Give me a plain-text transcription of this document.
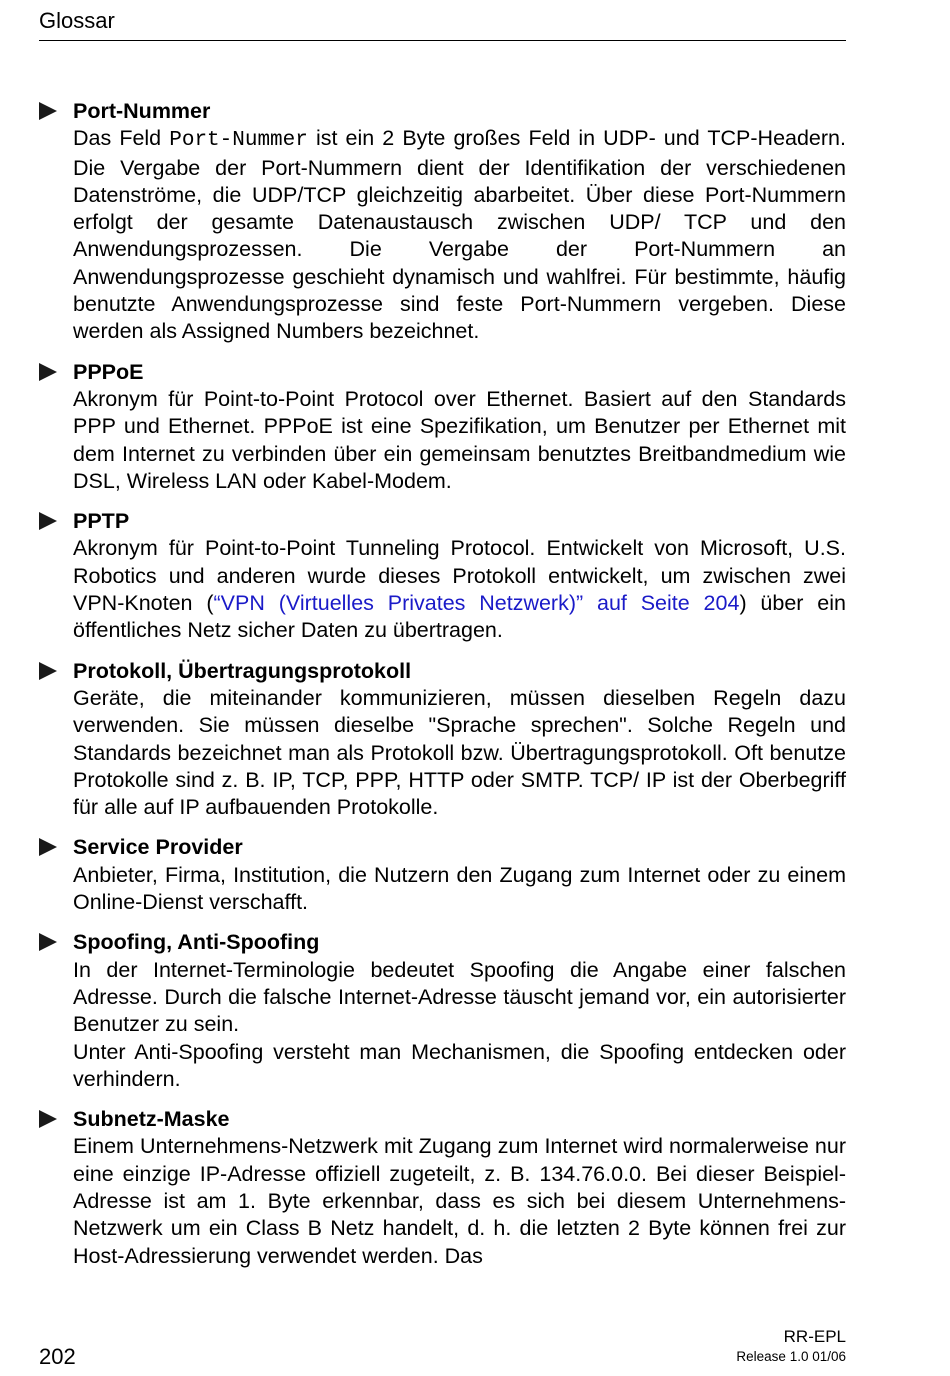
Glossar
Port-Nummer
Das Feld Port-Nummer ist ein 2 Byte großes Feld in UDP- und TCP-Headern. Die Vergabe der Port-Nummern dient der Identifikation der verschiedenen Datenströme, die UDP/TCP gleichzeitig abarbeitet. Über diese Port-Nummern erfolgt der gesamte Datenaustausch zwischen UDP/ TCP und den Anwendungsprozessen. Die Vergabe der Port-Nummern an Anwendungsprozesse geschieht dynamisch und wahlfrei. Für bestimmte, häufig benutzte Anwendungsprozesse sind feste Port-Nummern vergeben. Diese werden als Assigned Numbers bezeichnet.
PPPoE
Akronym für Point-to-Point Protocol over Ethernet. Basiert auf den Standards PPP und Ethernet. PPPoE ist eine Spezifikation, um Benutzer per Ethernet mit dem Internet zu verbinden über ein gemeinsam benutztes Breitbandmedium wie DSL, Wireless LAN oder Kabel-Modem.
PPTP
Akronym für Point-to-Point Tunneling Protocol. Entwickelt von Microsoft, U.S. Robotics und anderen wurde dieses Protokoll entwickelt, um zwischen zwei VPN-Knoten (“VPN (Virtuelles Privates Netzwerk)” auf Seite 204) über ein öffentliches Netz sicher Daten zu übertragen.
Protokoll, Übertragungsprotokoll
Geräte, die miteinander kommunizieren, müssen dieselben Regeln dazu verwenden. Sie müssen dieselbe "Sprache sprechen". Solche Regeln und Standards bezeichnet man als Protokoll bzw. Übertragungsprotokoll. Oft benutze Protokolle sind z. B. IP, TCP, PPP, HTTP oder SMTP. TCP/ IP ist der Oberbegriff für alle auf IP aufbauenden Protokolle.
Service Provider
Anbieter, Firma, Institution, die Nutzern den Zugang zum Internet oder zu einem Online-Dienst verschafft.
Spoofing, Anti-Spoofing
In der Internet-Terminologie bedeutet Spoofing die Angabe einer falschen Adresse. Durch die falsche Internet-Adresse täuscht jemand vor, ein autorisierter Benutzer zu sein.
Unter Anti-Spoofing versteht man Mechanismen, die Spoofing entdecken oder verhindern.
Subnetz-Maske
Einem Unternehmens-Netzwerk mit Zugang zum Internet wird normalerweise nur eine einzige IP-Adresse offiziell zugeteilt, z. B. 134.76.0.0. Bei dieser Beispiel-Adresse ist am 1. Byte erkennbar, dass es sich bei diesem Unternehmens-Netzwerk um ein Class B Netz handelt, d. h. die letzten 2 Byte können frei zur Host-Adressierung verwendet werden. Das
202
RR-EPL
Release 1.0 01/06
